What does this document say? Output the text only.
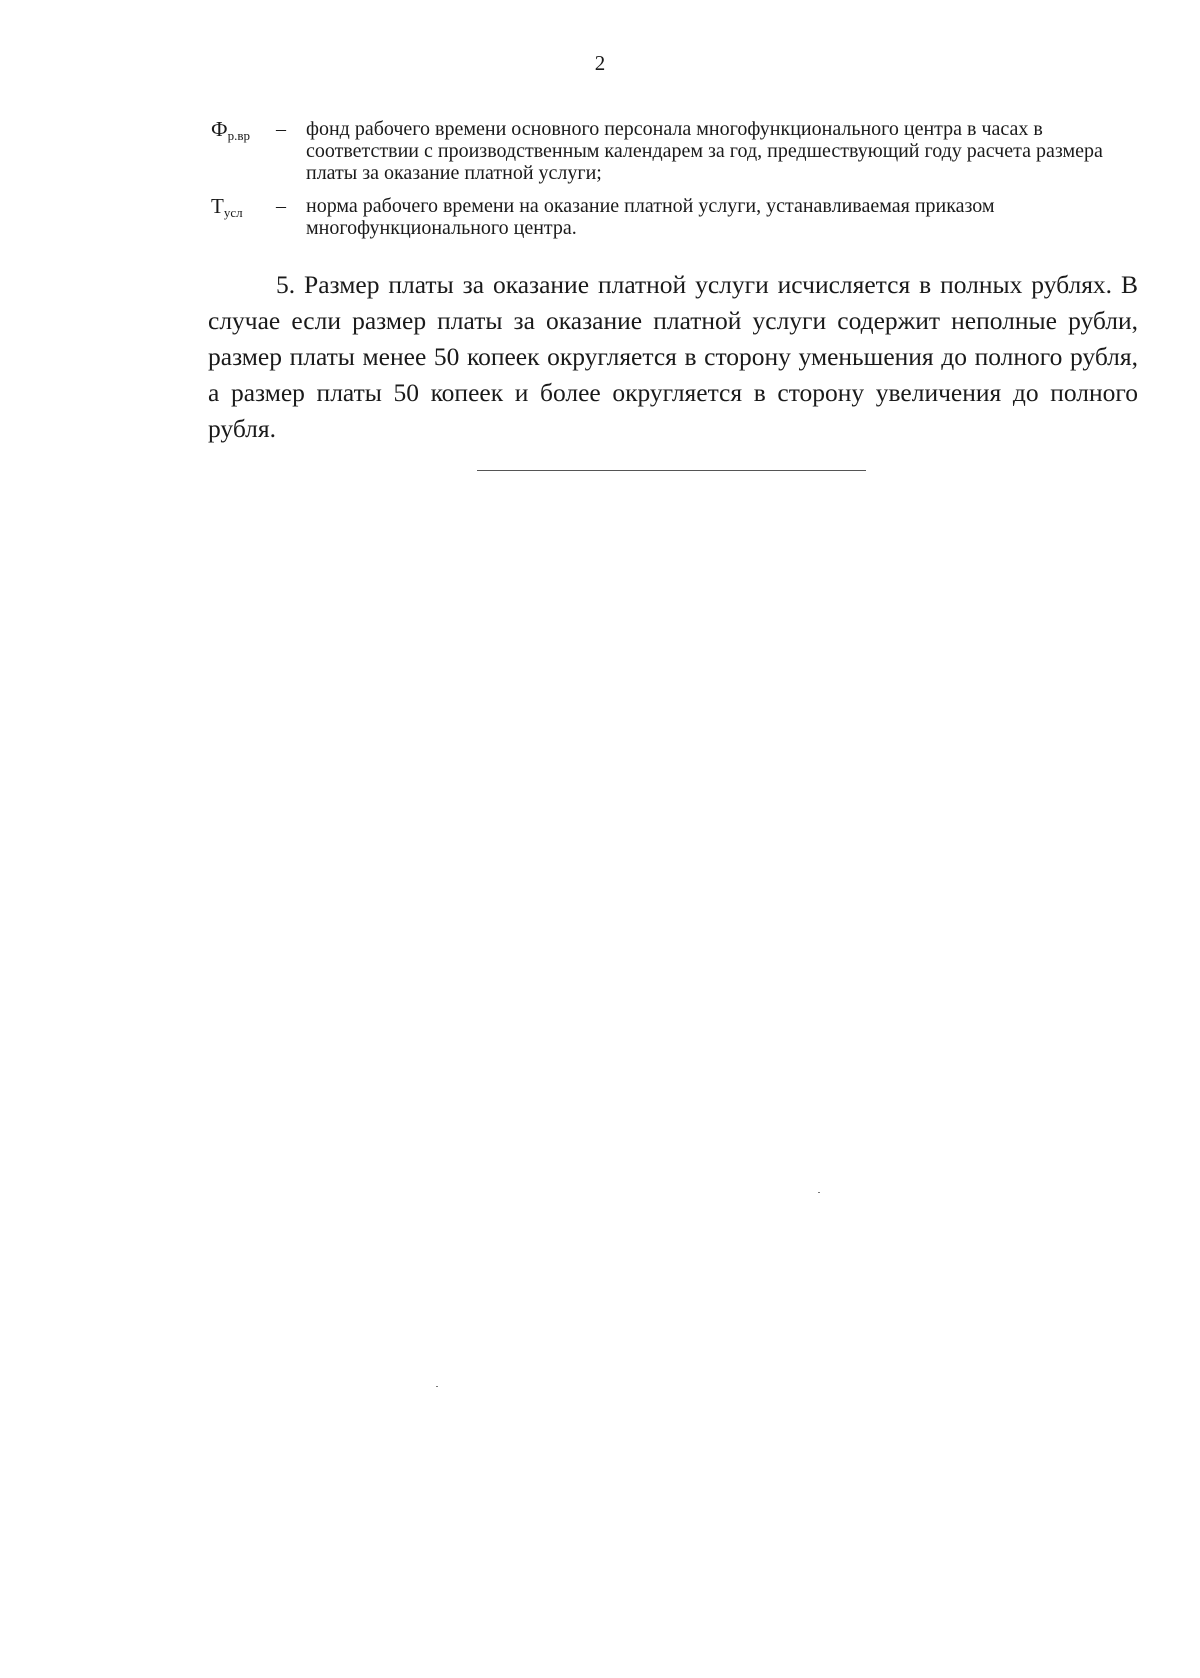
2
Фр.вр	–	фонд рабочего времени основного персонала многофункционального центра в часах в соответствии с производственным календарем за год, предшествующий году расчета размера платы за оказание платной услуги;
Тусл	–	норма рабочего времени на оказание платной услуги, устанавливаемая приказом многофункционального центра.

5. Размер платы за оказание платной услуги исчисляется в полных рублях. В случае если размер платы за оказание платной услуги содержит неполные рубли, размер платы менее 50 копеек округляется в сторону уменьшения до полного рубля, а размер платы 50 копеек и более округляется в сторону увеличения до полного рубля.
